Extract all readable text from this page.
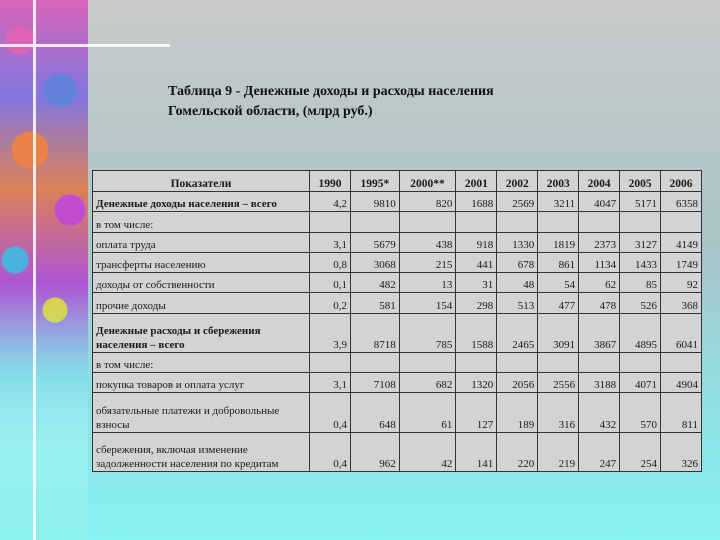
Таблица 9 - Денежные доходы и расходы населения
Гомельской области, (млрд руб.)
Показатели	1990	1995*	2000**	2001	2002	2003	2004	2005	2006
Денежные доходы населения – всего	4,2	9810	820	1688	2569	3211	4047	5171	6358
в том числе:									
оплата труда	3,1	5679	438	918	1330	1819	2373	3127	4149
трансферты населению	0,8	3068	215	441	678	861	1134	1433	1749
доходы от собственности	0,1	482	13	31	48	54	62	85	92
прочие доходы	0,2	581	154	298	513	477	478	526	368
Денежные расходы и сбережения населения – всего	3,9	8718	785	1588	2465	3091	3867	4895	6041
в том числе:									
покупка товаров и оплата услуг	3,1	7108	682	1320	2056	2556	3188	4071	4904
обязательные платежи и добровольные взносы	0,4	648	61	127	189	316	432	570	811
сбережения, включая изменение задолженности населения по кредитам	0,4	962	42	141	220	219	247	254	326
